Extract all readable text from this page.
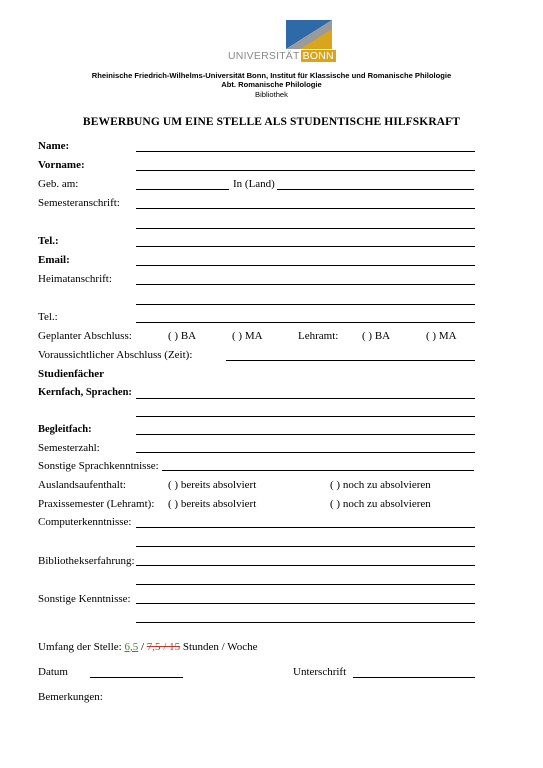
UNIVERSITÄT BONN
Rheinische Friedrich-Wilhelms-Universität Bonn, Institut für Klassische und Romanische Philologie
Abt. Romanische Philologie
Bibliothek
BEWERBUNG UM EINE STELLE ALS STUDENTISCHE HILFSKRAFT
Name:
Vorname:
Geb. am:	In (Land)
Semesteranschrift:
Tel.:
Email:
Heimatanschrift:
Tel.:
Geplanter Abschluss:	( ) BA	( ) MA	Lehramt: ( ) BA	( ) MA
Voraussichtlicher Abschluss (Zeit):
Studienfächer
Kernfach, Sprachen:
Begleitfach:
Semesterzahl:
Sonstige Sprachkenntnisse:
Auslandsaufenthalt:	( ) bereits absolviert	( ) noch zu absolvieren
Praxissemester (Lehramt): ( ) bereits absolviert	( ) noch zu absolvieren
Computerkenntnisse:
Bibliothekserfahrung:
Sonstige Kenntnisse:
Umfang der Stelle: 6,5 / 7,5 / 15 Stunden / Woche
Datum	Unterschrift
Bemerkungen:
